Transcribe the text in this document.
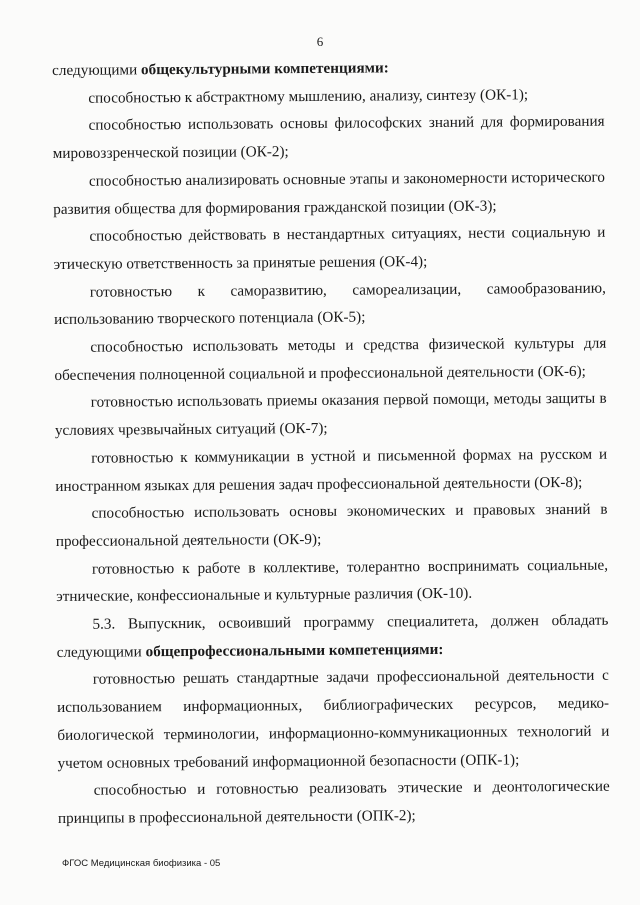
6

следующими общекультурными компетенциями:

способностью к абстрактному мышлению, анализу, синтезу (ОК-1);

способностью использовать основы философских знаний для формирования мировоззренческой позиции (ОК-2);

способностью анализировать основные этапы и закономерности исторического развития общества для формирования гражданской позиции (ОК-3);

способностью действовать в нестандартных ситуациях, нести социальную и этическую ответственность за принятые решения (ОК-4);

готовностью к саморазвитию, самореализации, самообразованию, использованию творческого потенциала (ОК-5);

способностью использовать методы и средства физической культуры для обеспечения полноценной социальной и профессиональной деятельности (ОК-6);

готовностью использовать приемы оказания первой помощи, методы защиты в условиях чрезвычайных ситуаций (ОК-7);

готовностью к коммуникации в устной и письменной формах на русском и иностранном языках для решения задач профессиональной деятельности (ОК-8);

способностью использовать основы экономических и правовых знаний в профессиональной деятельности (ОК-9);

готовностью к работе в коллективе, толерантно воспринимать социальные, этнические, конфессиональные и культурные различия (ОК-10).

5.3. Выпускник, освоивший программу специалитета, должен обладать следующими общепрофессиональными компетенциями:

готовностью решать стандартные задачи профессиональной деятельности с использованием информационных, библиографических ресурсов, медико-биологической терминологии, информационно-коммуникационных технологий и учетом основных требований информационной безопасности (ОПК-1);

способностью и готовностью реализовать этические и деонтологические принципы в профессиональной деятельности (ОПК-2);

ФГОС Медицинская биофизика - 05
